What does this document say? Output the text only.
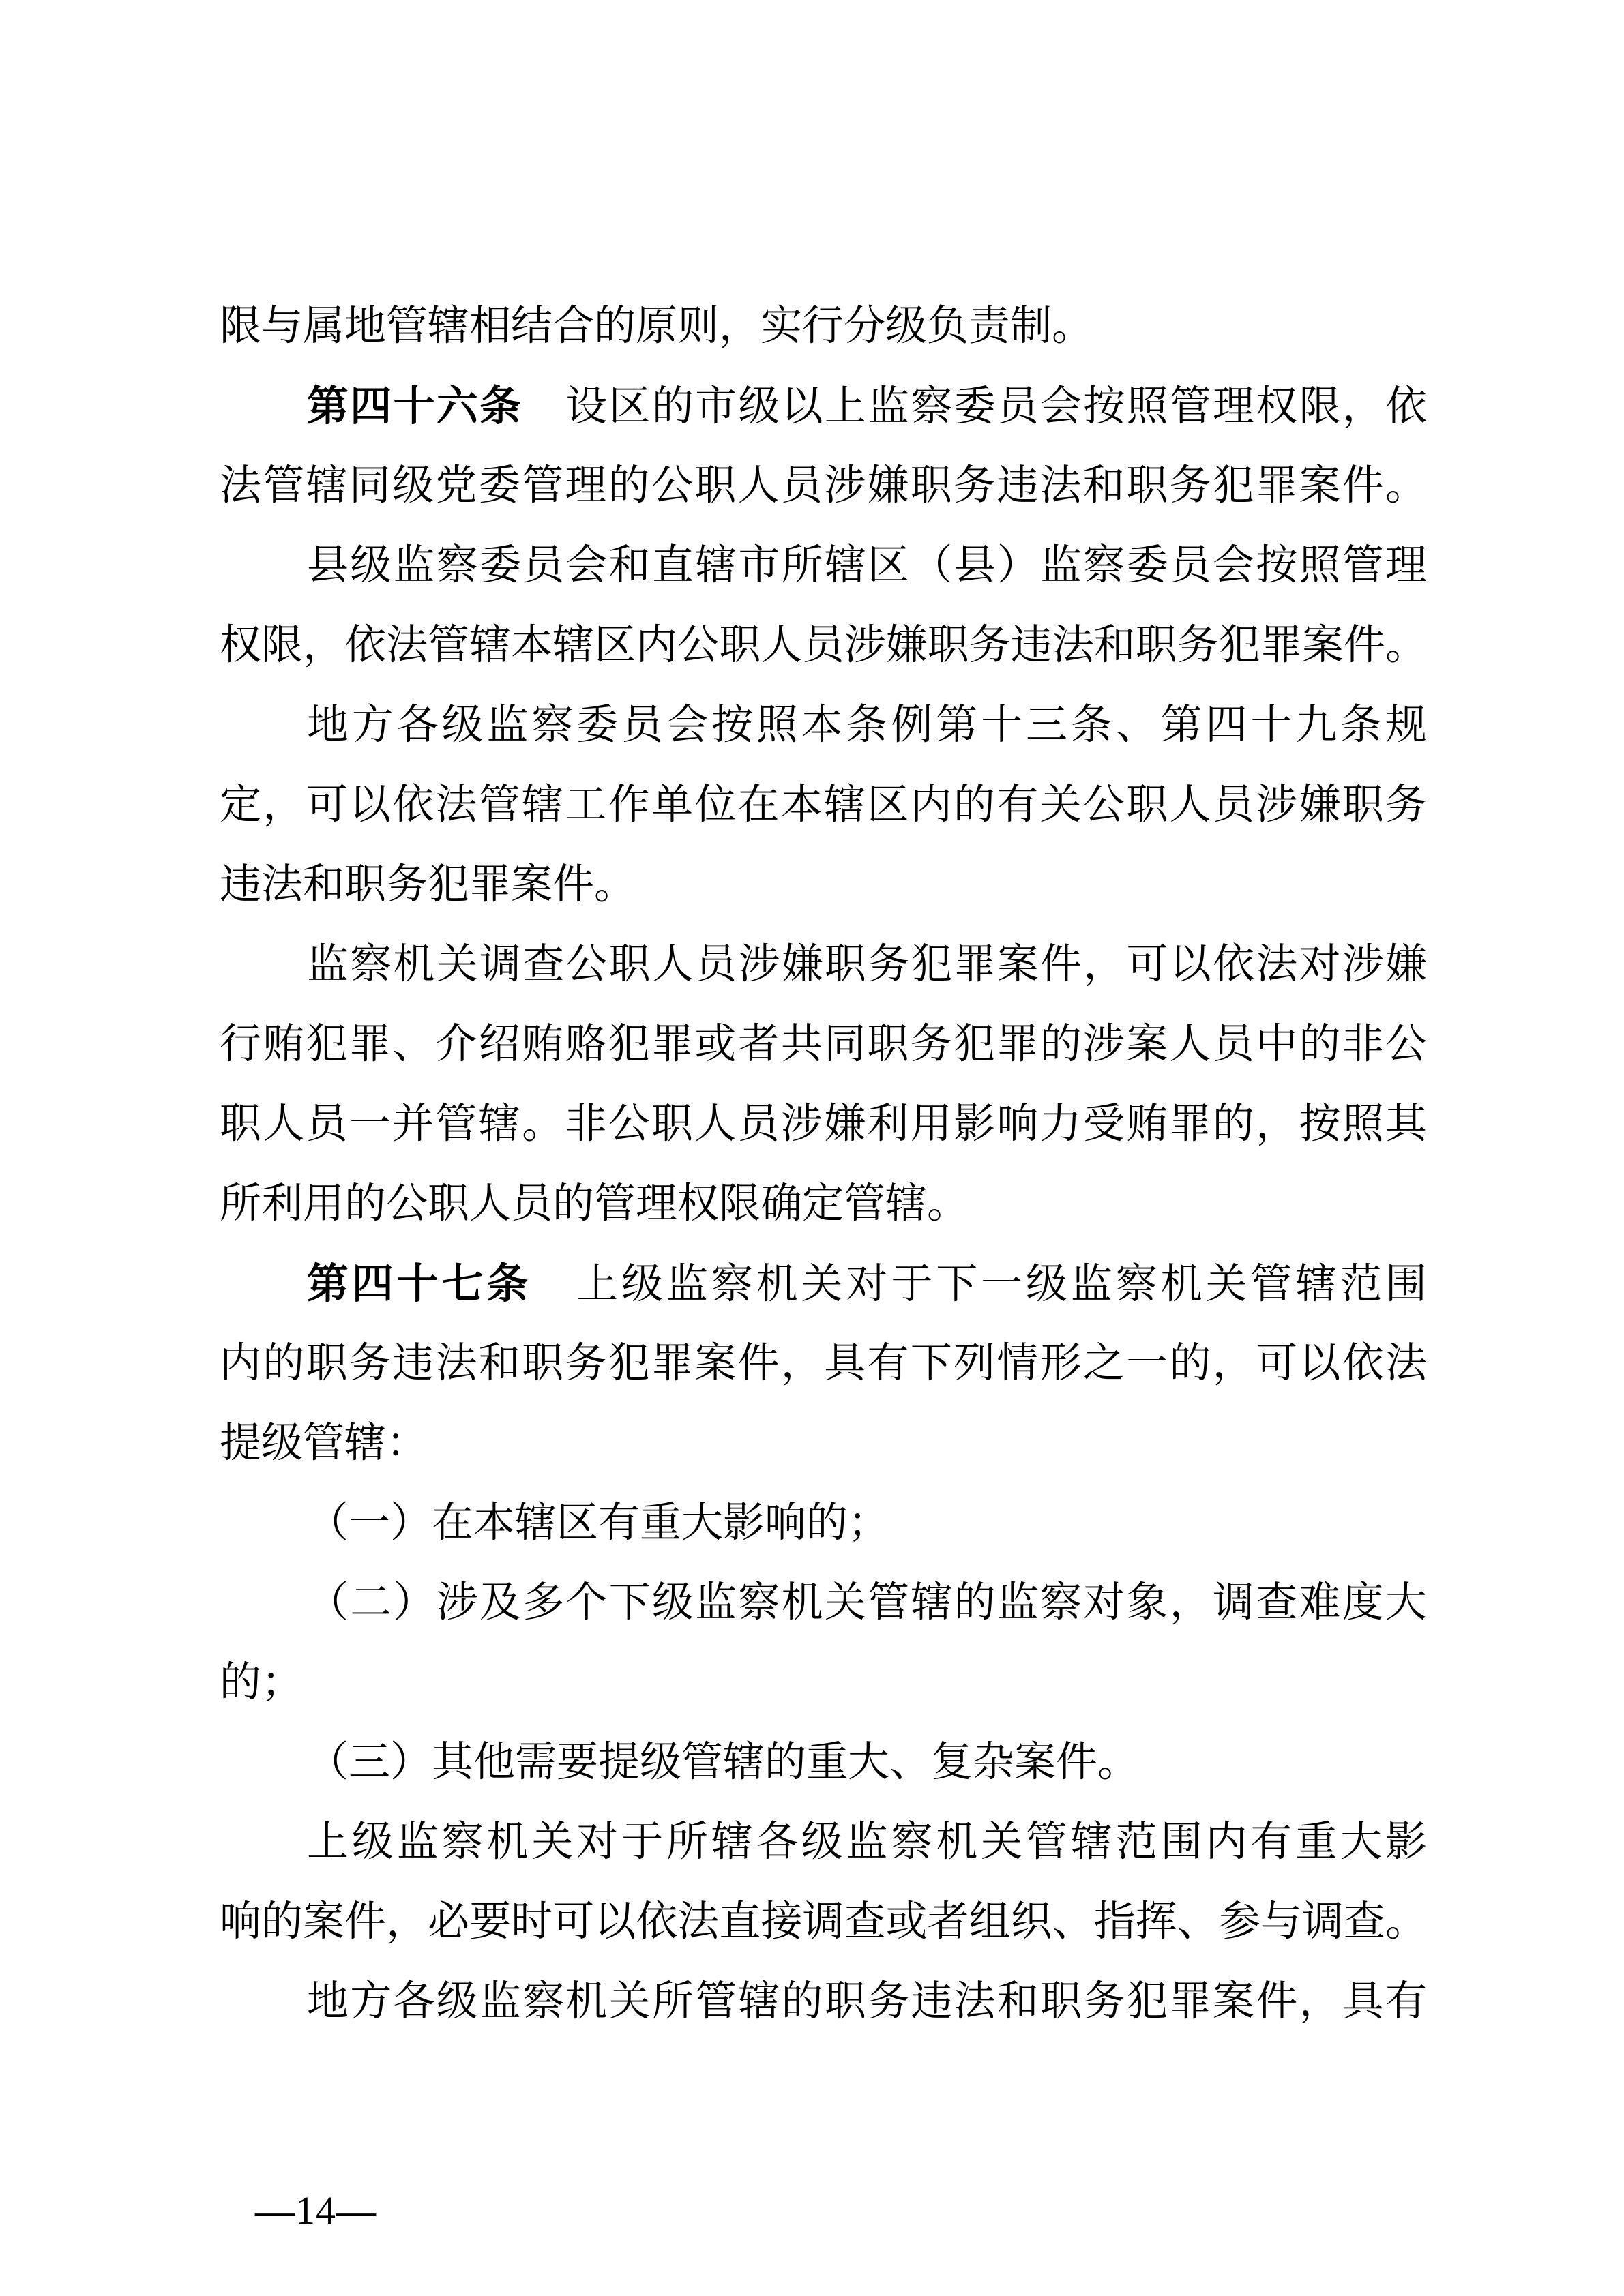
限与属地管辖相结合的原则，实行分级负责制。
第四十六条　设区的市级以上监察委员会按照管理权限，依
法管辖同级党委管理的公职人员涉嫌职务违法和职务犯罪案件。
县级监察委员会和直辖市所辖区（县）监察委员会按照管理
权限，依法管辖本辖区内公职人员涉嫌职务违法和职务犯罪案件。
地方各级监察委员会按照本条例第十三条、第四十九条规
定，可以依法管辖工作单位在本辖区内的有关公职人员涉嫌职务
违法和职务犯罪案件。
监察机关调查公职人员涉嫌职务犯罪案件，可以依法对涉嫌
行贿犯罪、介绍贿赂犯罪或者共同职务犯罪的涉案人员中的非公
职人员一并管辖。非公职人员涉嫌利用影响力受贿罪的，按照其
所利用的公职人员的管理权限确定管辖。
第四十七条　上级监察机关对于下一级监察机关管辖范围
内的职务违法和职务犯罪案件，具有下列情形之一的，可以依法
提级管辖：
（一）在本辖区有重大影响的；
（二）涉及多个下级监察机关管辖的监察对象，调查难度大
的；
（三）其他需要提级管辖的重大、复杂案件。
上级监察机关对于所辖各级监察机关管辖范围内有重大影
响的案件，必要时可以依法直接调查或者组织、指挥、参与调查。
地方各级监察机关所管辖的职务违法和职务犯罪案件，具有
—14—
